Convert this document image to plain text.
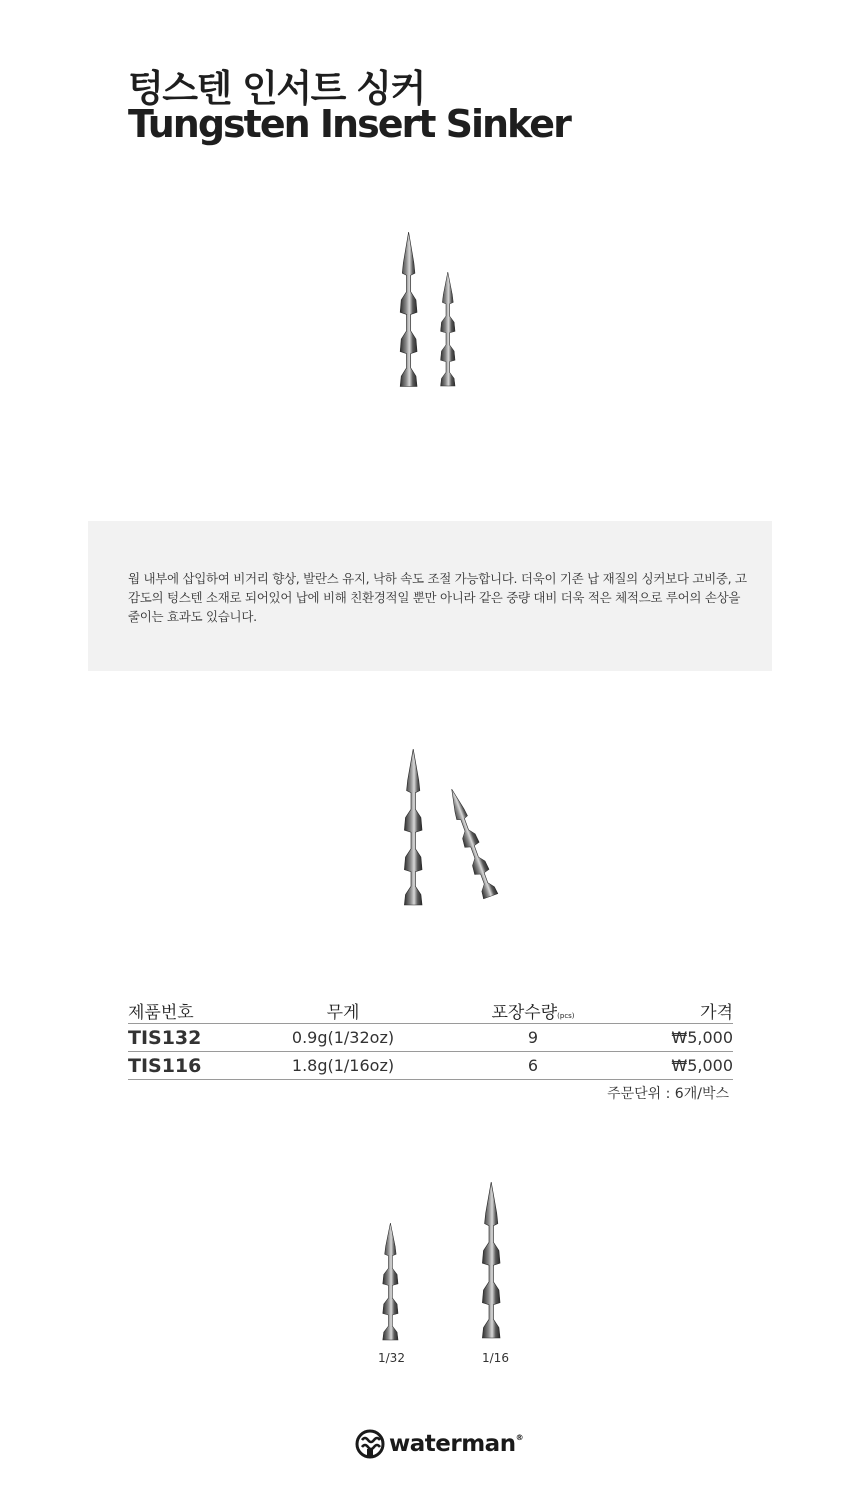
텅스텐 인서트 싱커
Tungsten Insert Sinker
웜 내부에 삽입하여 비거리 향상, 발란스 유지, 낙하 속도 조절 가능합니다. 더욱이 기존 납 재질의 싱커보다 고비중, 고감도의 텅스텐 소재로 되어있어 납에 비해 친환경적일 뿐만 아니라 같은 중량 대비 더욱 적은 체적으로 루어의 손상을 줄이는 효과도 있습니다.
제품번호	무게	포장수량(pcs)	가격
TIS132	0.9g(1/32oz)	9	₩5,000
TIS116	1.8g(1/16oz)	6	₩5,000
주문단위 : 6개/박스
1/32	1/16
waterman®
